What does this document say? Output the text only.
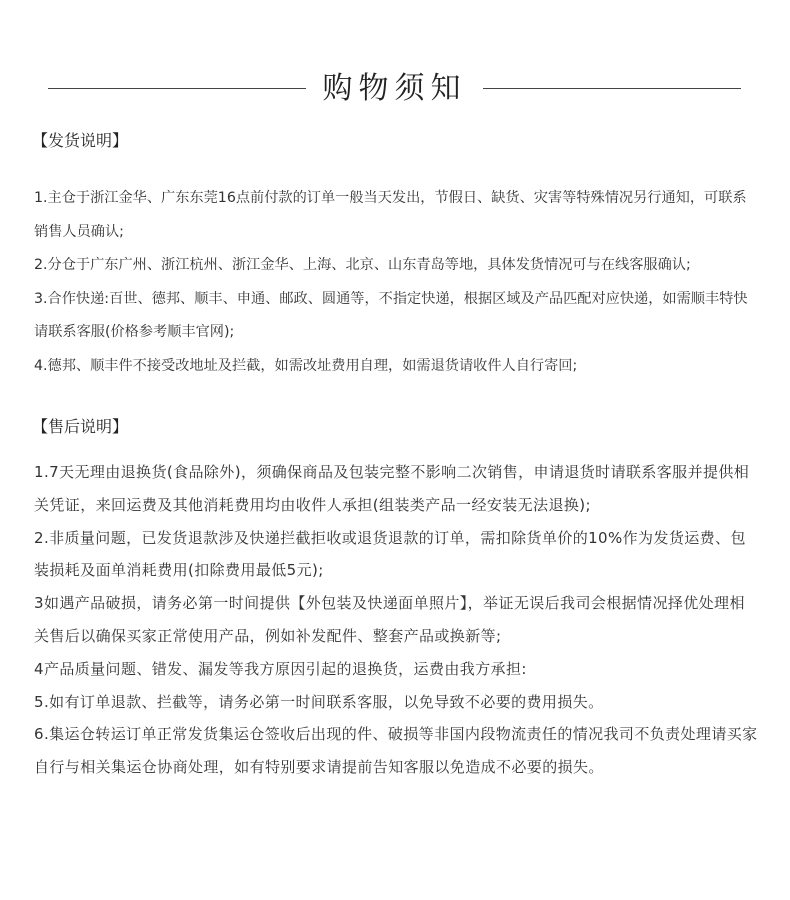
购物须知
【发货说明】

1.主仓于浙江金华、广东东莞16点前付款的订单一般当天发出，节假日、缺货、灾害等特殊情况另行通知，可联系销售人员确认;

2.分仓于广东广州、浙江杭州、浙江金华、上海、北京、山东青岛等地，具体发货情况可与在线客服确认;

3.合作快递:百世、德邦、顺丰、申通、邮政、圆通等，不指定快递，根据区域及产品匹配对应快递，如需顺丰特快请联系客服(价格参考顺丰官网);

4.德邦、顺丰件不接受改地址及拦截，如需改址费用自理，如需退货请收件人自行寄回;

【售后说明】

1.7天无理由退换货(食品除外)，须确保商品及包装完整不影响二次销售，申请退货时请联系客服并提供相关凭证，来回运费及其他消耗费用均由收件人承担(组装类产品一经安装无法退换);

2.非质量问题，已发货退款涉及快递拦截拒收或退货退款的订单，需扣除货单价的10%作为发货运费、包装损耗及面单消耗费用(扣除费用最低5元);

3如遇产品破损，请务必第一时间提供【外包装及快递面单照片】，举证无误后我司会根据情况择优处理相关售后以确保买家正常使用产品，例如补发配件、整套产品或换新等;

4产品质量问题、错发、漏发等我方原因引起的退换货，运费由我方承担:

5.如有订单退款、拦截等，请务必第一时间联系客服，以免导致不必要的费用损失。

6.集运仓转运订单正常发货集运仓签收后出现的件、破损等非国内段物流责任的情况我司不负责处理请买家自行与相关集运仓协商处理，如有特别要求请提前告知客服以免造成不必要的损失。
